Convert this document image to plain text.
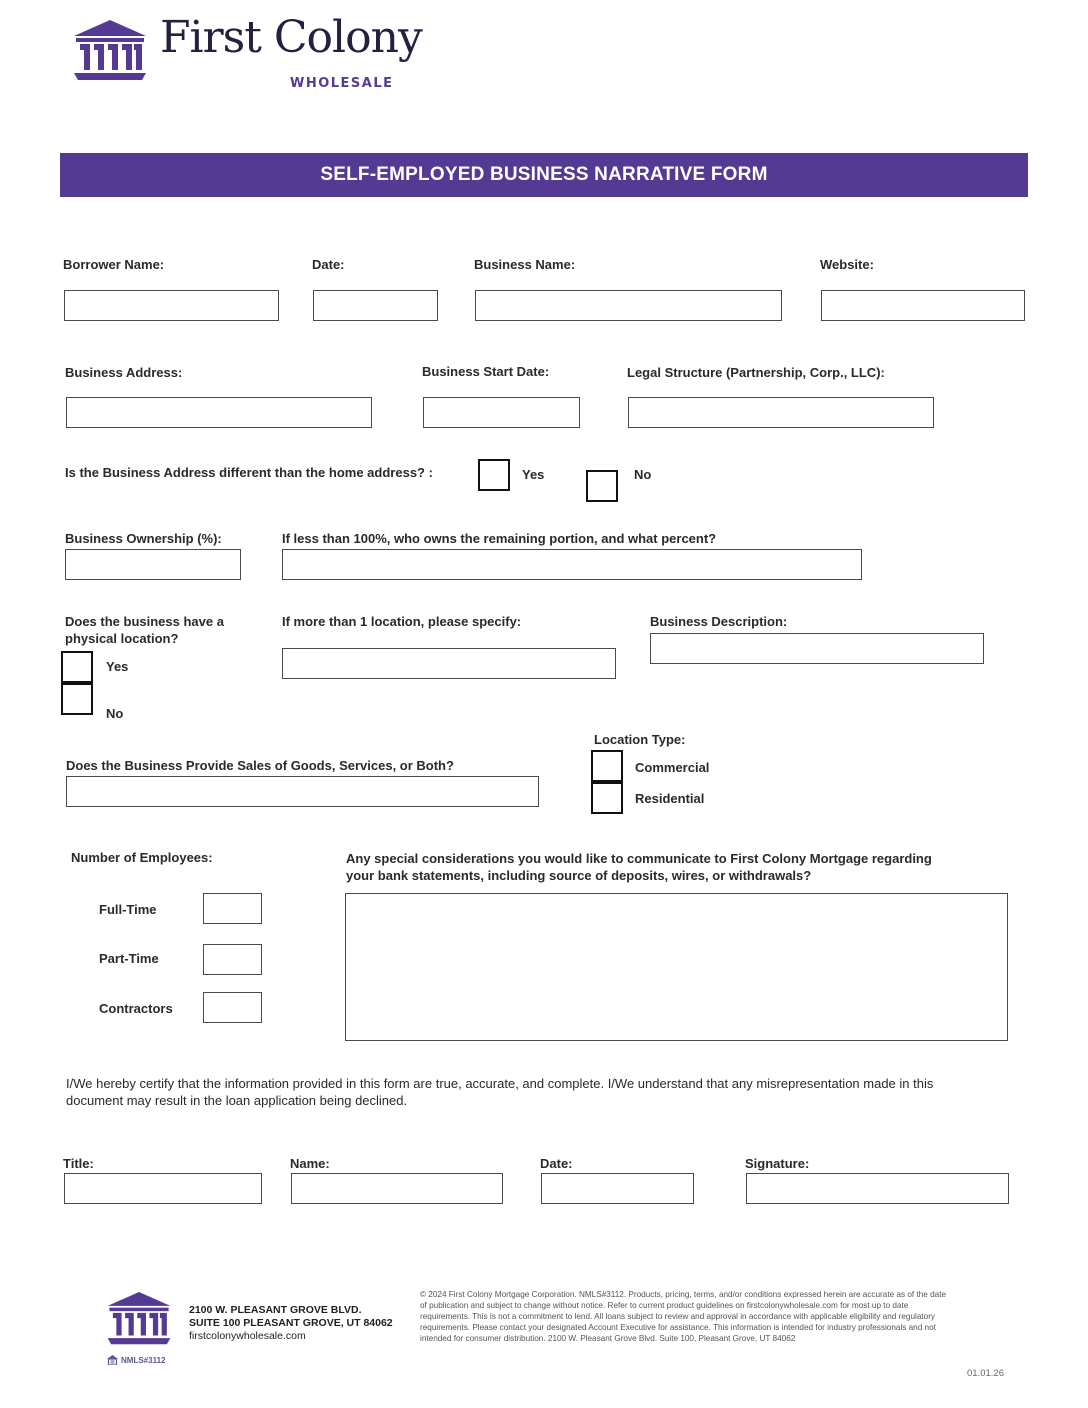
First Colony
WHOLESALE
SELF-EMPLOYED BUSINESS NARRATIVE FORM
Borrower Name:	Date:	Business Name:	Website:
Business Address:	Business Start Date:	Legal Structure (Partnership, Corp., LLC):
Is the Business Address different than the home address? :	Yes	No
Business Ownership (%):	If less than 100%, who owns the remaining portion, and what percent?
Does the business have a physical location?
Yes
No
If more than 1 location, please specify:	Business Description:
Does the Business Provide Sales of Goods, Services, or Both?
Location Type:
Commercial
Residential
Number of Employees:
Full-Time
Part-Time
Contractors
Any special considerations you would like to communicate to First Colony Mortgage regarding your bank statements, including source of deposits, wires, or withdrawals?
I/We hereby certify that the information provided in this form are true, accurate, and complete. I/We understand that any misrepresentation made in this document may result in the loan application being declined.
Title:	Name:	Date:	Signature:
NMLS#3112
2100 W. PLEASANT GROVE BLVD.
SUITE 100 PLEASANT GROVE, UT 84062
firstcolonywholesale.com
© 2024 First Colony Mortgage Corporation. NMLS#3112. Products, pricing, terms, and/or conditions expressed herein are accurate as of the date of publication and subject to change without notice. Refer to current product guidelines on firstcolonywholesale.com for most up to date requirements. This is not a commitment to lend. All loans subject to review and approval in accordance with applicable eligibility and regulatory requirements. Please contact your designated Account Executive for assistance. This information is intended for industry professionals and not intended for consumer distribution. 2100 W. Pleasant Grove Blvd. Suite 100, Pleasant Grove, UT 84062
01.01.26
